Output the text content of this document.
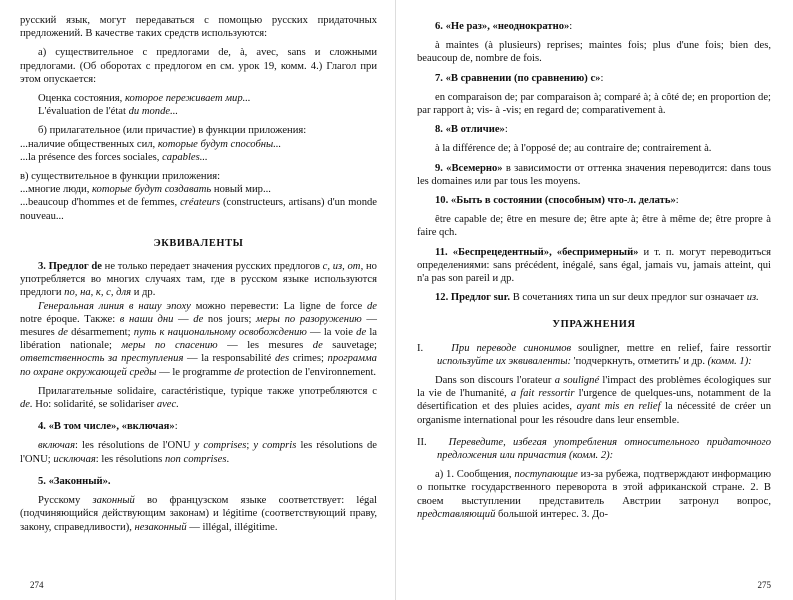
русский язык, могут передаваться с помощью русских придаточных предложений. В качестве таких средств используются:

а) существительное с предлогами de, à, avec, sans и сложными предлогами. (Об оборотах с предлогом en см. урок 19, комм. 4.) Глагол при этом опускается:

Оценка состояния, которое переживает мир...

L'évaluation de l'état du monde...

б) прилагательное (или причастие) в функции приложения:

...наличие общественных сил, которые будут способны...

...la présence des forces sociales, capables...

в) существительное в функции приложения:

...многие люди, которые будут создавать новый мир...

...beaucoup d'hommes et de femmes, créateurs (constructeurs, artisans) d'un monde nouveau...

ЭКВИВАЛЕНТЫ

3. Предлог de не только передает значения русских предлогов с, из, от, но употребляется во многих случаях там, где в русском языке используются предлоги по, на, к, с, для и др.

Генеральная линия в нашу эпоху можно перевести: La ligne de force de notre époque. Также: в наши дни — de nos jours; меры по разоружению — mesures de désarmement; путь к национальному освобождению — la voie de la libération nationale; меры по спасению — les mesures de sauvetage; ответственность за преступления — la responsabilité des crimes; программа по охране окружающей среды — le programme de protection de l'environnement.

Прилагательные solidaire, caractéristique, typique также употребляются с de. Но: solidarité, se solidariser avec.

4. «В том числе», «включая»:

включая: les résolutions de l'ONU y comprises; y compris les résolutions de l'ONU; исключая: les résolutions non comprises.

5. «Законный».

Русскому законный во французском языке соответствует: légal (подчиняющийся действующим законам) и légitime (соответствующий праву, закону, справедливости), незаконный — illégal, illégitime.

274

6. «Не раз», «неоднократно»:

à maintes (à plusieurs) reprises; maintes fois; plus d'une fois; bien des, beaucoup de, nombre de fois.

7. «В сравнении (по сравнению) с»:

en comparaison de; par comparaison à; comparé à; à côté de; en proportion de; par rapport à; vis- à -vis; en regard de; comparativement à.

8. «В отличие»:

à la différence de; à l'opposé de; au contraire de; contrairement à.

9. «Всемерно» в зависимости от оттенка значения переводится: dans tous les domaines или par tous les moyens.

10. «Быть в состоянии (способным) что-л. делать»:

être capable de; être en mesure de; être apte à; être à même de; être propre à faire qch.

11. «Беспрецедентный», «беспримерный» и т. п. могут переводиться определениями: sans précédent, inégalé, sans égal, jamais vu, jamais atteint, qui n'a pas son pareil и др.

12. Предлог sur. В сочетаниях типа un sur deux предлог sur означает из.

УПРАЖНЕНИЯ

I.	При переводе синонимов souligner, mettre en relief, faire ressortir используйте их эквиваленты: 'подчеркнуть, отметить' и др. (комм. 1):

Dans son discours l'orateur a souligné l'impact des problèmes écologiques sur la vie de l'humanité, a fait ressortir l'urgence de quelques-uns, notamment de la désertification et des pluies acides, ayant mis en relief la nécessité de créer un organisme international pour les résoudre dans leur ensemble.

II. Переведите, избегая употребления относительного придаточного предложения или причастия (комм. 2):

а) 1. Сообщения, поступающие из-за рубежа, подтверждают информацию о попытке государственного переворота в этой африканской стране. 2. В своем выступлении представитель Австрии затронул вопрос, представляющий большой интерес. 3. До-

275
